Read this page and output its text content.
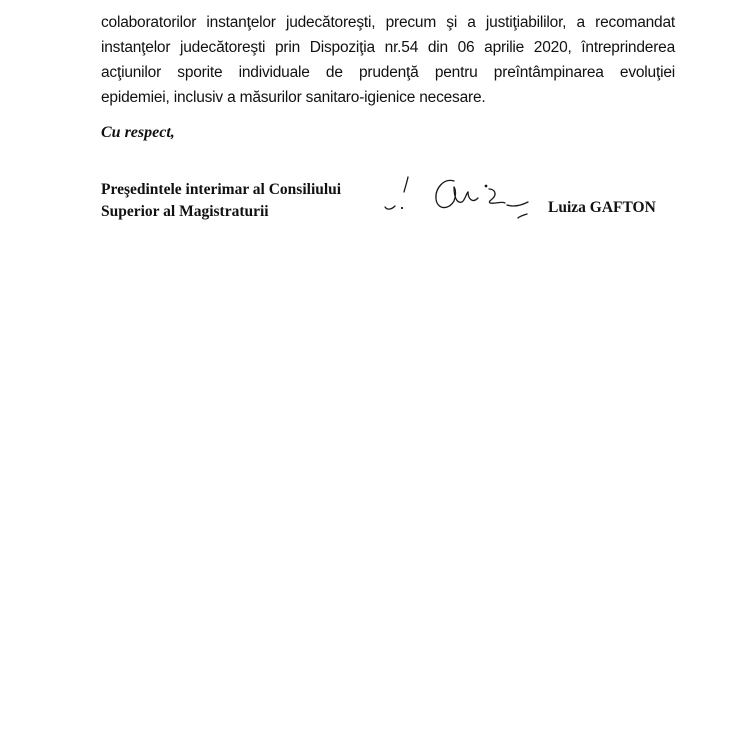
colaboratorilor instanţelor judecătoreşti, precum şi a justiţiabililor, a recomandat
instanţelor judecătoreşti prin Dispoziţia nr.54 din 06 aprilie 2020, întreprinderea
acţiunilor sporite individuale de prudenţă pentru preîntâmpinarea evoluţiei
epidemiei, inclusiv a măsurilor sanitaro-igienice necesare.
Cu respect,
Preşedintele interimar al Consiliului
Superior al Magistraturii	Luiza GAFTON
